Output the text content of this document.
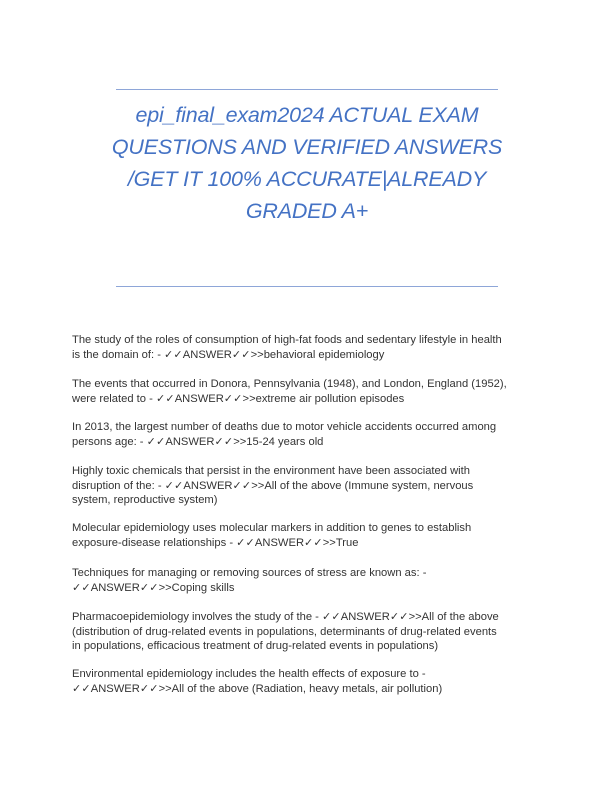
epi_final_exam2024 ACTUAL EXAM
QUESTIONS AND VERIFIED ANSWERS
/GET IT 100% ACCURATE|ALREADY
GRADED A+
The study of the roles of consumption of high-fat foods and sedentary lifestyle in health
is the domain of: - ✓✓ANSWER✓✓>>behavioral epidemiology
The events that occurred in Donora, Pennsylvania (1948), and London, England (1952),
were related to - ✓✓ANSWER✓✓>>extreme air pollution episodes
In 2013, the largest number of deaths due to motor vehicle accidents occurred among
persons age: - ✓✓ANSWER✓✓>>15-24 years old
Highly toxic chemicals that persist in the environment have been associated with
disruption of the: - ✓✓ANSWER✓✓>>All of the above (Immune system, nervous
system, reproductive system)
Molecular epidemiology uses molecular markers in addition to genes to establish
exposure-disease relationships - ✓✓ANSWER✓✓>>True
Techniques for managing or removing sources of stress are known as: -
✓✓ANSWER✓✓>>Coping skills
Pharmacoepidemiology involves the study of the - ✓✓ANSWER✓✓>>All of the above
(distribution of drug-related events in populations, determinants of drug-related events
in populations, efficacious treatment of drug-related events in populations)
Environmental epidemiology includes the health effects of exposure to -
✓✓ANSWER✓✓>>All of the above (Radiation, heavy metals, air pollution)
